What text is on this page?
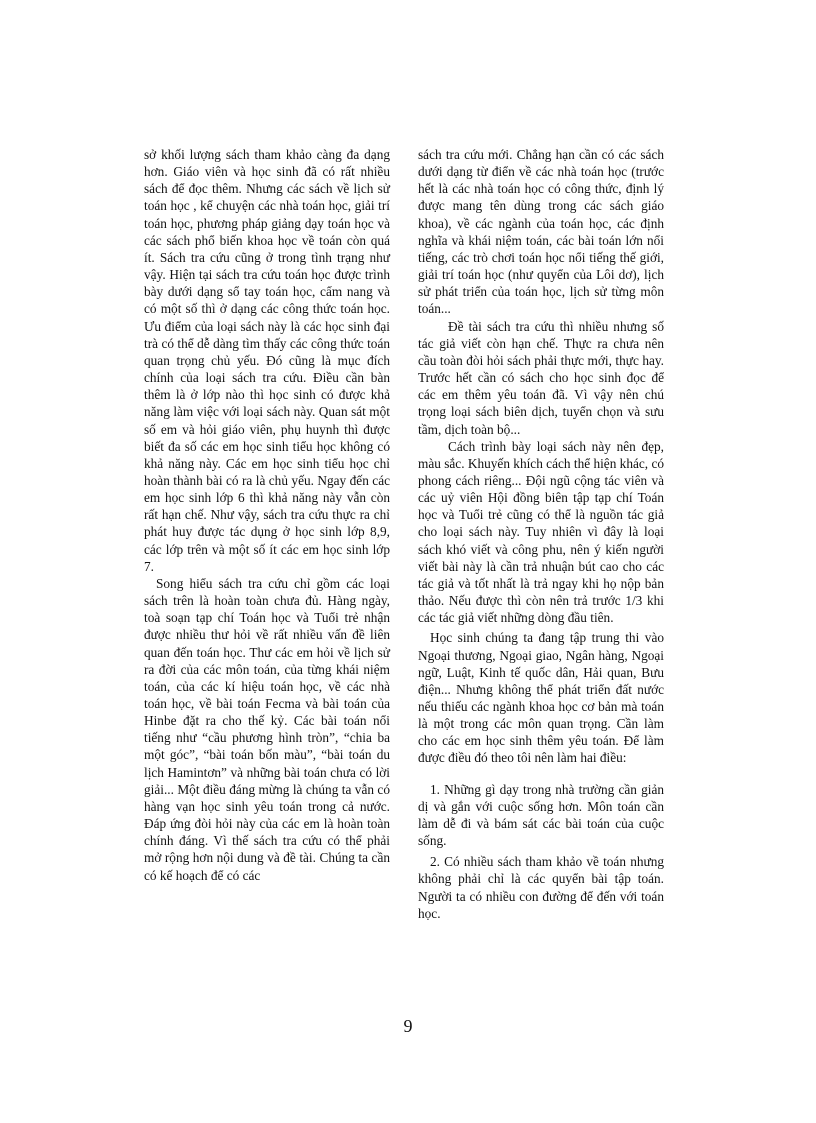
sở khối lượng sách tham khảo càng đa dạng hơn. Giáo viên và học sinh đã có rất nhiều sách để đọc thêm. Nhưng các sách về lịch sử toán học , kể chuyện các nhà toán học, giải trí toán học, phương pháp giảng dạy toán học và các sách phổ biến khoa học về toán còn quá ít. Sách tra cứu cũng ở trong tình trạng như vậy. Hiện tại sách tra cứu toán học được trình bày dưới dạng sổ tay toán học, cẩm nang và có một số thì ở dạng các công thức toán học. Ưu điểm của loại sách này là các học sinh đại trà có thể dễ dàng tìm thấy các công thức toán quan trọng chủ yếu. Đó cũng là mục đích chính của loại sách tra cứu. Điều cần bàn thêm là ở lớp nào thì học sinh có được khả năng làm việc với loại sách này. Quan sát một số em và hỏi giáo viên, phụ huynh thì được biết đa số các em học sinh tiểu học không có khả năng này. Các em học sinh tiểu học chỉ hoàn thành bài có ra là chủ yếu. Ngay đến các em học sinh lớp 6 thì khả năng này vẫn còn rất hạn chế. Như vậy, sách tra cứu thực ra chỉ phát huy được tác dụng ở học sinh lớp 8,9, các lớp trên và một số ít các em học sinh lớp 7.

Song hiểu sách tra cứu chỉ gồm các loại sách trên là hoàn toàn chưa đủ. Hàng ngày, toà soạn tạp chí Toán học và Tuổi trẻ nhận được nhiều thư hỏi về rất nhiều vấn đề liên quan đến toán học. Thư các em hỏi về lịch sử ra đời của các môn toán, của từng khái niệm toán, của các kí hiệu toán học, về các nhà toán học, về bài toán Fecma và bài toán của Hinbe đặt ra cho thế kỷ. Các bài toán nổi tiếng như “cầu phương hình tròn”, “chia ba một góc”, “bài toán bốn màu”, “bài toán du lịch Hamintơn” và những bài toán chưa có lời giải... Một điều đáng mừng là chúng ta vẫn có hàng vạn học sinh yêu toán trong cả nước. Đáp ứng đòi hỏi này của các em là hoàn toàn chính đáng. Vì thế sách tra cứu có thể phải mở rộng hơn nội dung và đề tài. Chúng ta cần có kế hoạch để có các

sách tra cứu mới. Chẳng hạn cần có các sách dưới dạng từ điển về các nhà toán học (trước hết là các nhà toán học có công thức, định lý được mang tên dùng trong các sách giáo khoa), về các ngành của toán học, các định nghĩa và khái niệm toán, các bài toán lớn nổi tiếng, các trò chơi toán học nổi tiếng thế giới, giải trí toán học (như quyển của Lôi dơ), lịch sử phát triển của toán học, lịch sử từng môn toán...

Đề tài sách tra cứu thì nhiều nhưng số tác giả viết còn hạn chế. Thực ra chưa nên cầu toàn đòi hỏi sách phải thực mới, thực hay. Trước hết cần có sách cho học sinh đọc để các em thêm yêu toán đã. Vì vậy nên chú trọng loại sách biên dịch, tuyển chọn và sưu tầm, dịch toàn bộ...

Cách trình bày loại sách này nên đẹp, màu sắc. Khuyến khích cách thể hiện khác, có phong cách riêng... Đội ngũ cộng tác viên và các uỷ viên Hội đồng biên tập tạp chí Toán học và Tuổi trẻ cũng có thể là nguồn tác giả cho loại sách này. Tuy nhiên vì đây là loại sách khó viết và công phu, nên ý kiến người viết bài này là cần trả nhuận bút cao cho các tác giả và tốt nhất là trả ngay khi họ nộp bản thảo. Nếu được thì còn nên trả trước 1/3 khi các tác giả viết những dòng đầu tiên.

Học sinh chúng ta đang tập trung thi vào Ngoại thương, Ngoại giao, Ngân hàng, Ngoại ngữ, Luật, Kinh tế quốc dân, Hải quan, Bưu điện... Nhưng không thể phát triển đất nước nếu thiếu các ngành khoa học cơ bản mà toán là một trong các môn quan trọng. Cần làm cho các em học sinh thêm yêu toán. Để làm được điều đó theo tôi nên làm hai điều:

1. Những gì dạy trong nhà trường cần giản dị và gắn với cuộc sống hơn. Môn toán cần làm dễ đi và bám sát các bài toán của cuộc sống.

2. Có nhiều sách tham khảo về toán nhưng không phải chỉ là các quyển bài tập toán. Người ta có nhiều con đường để đến với toán học.

9
